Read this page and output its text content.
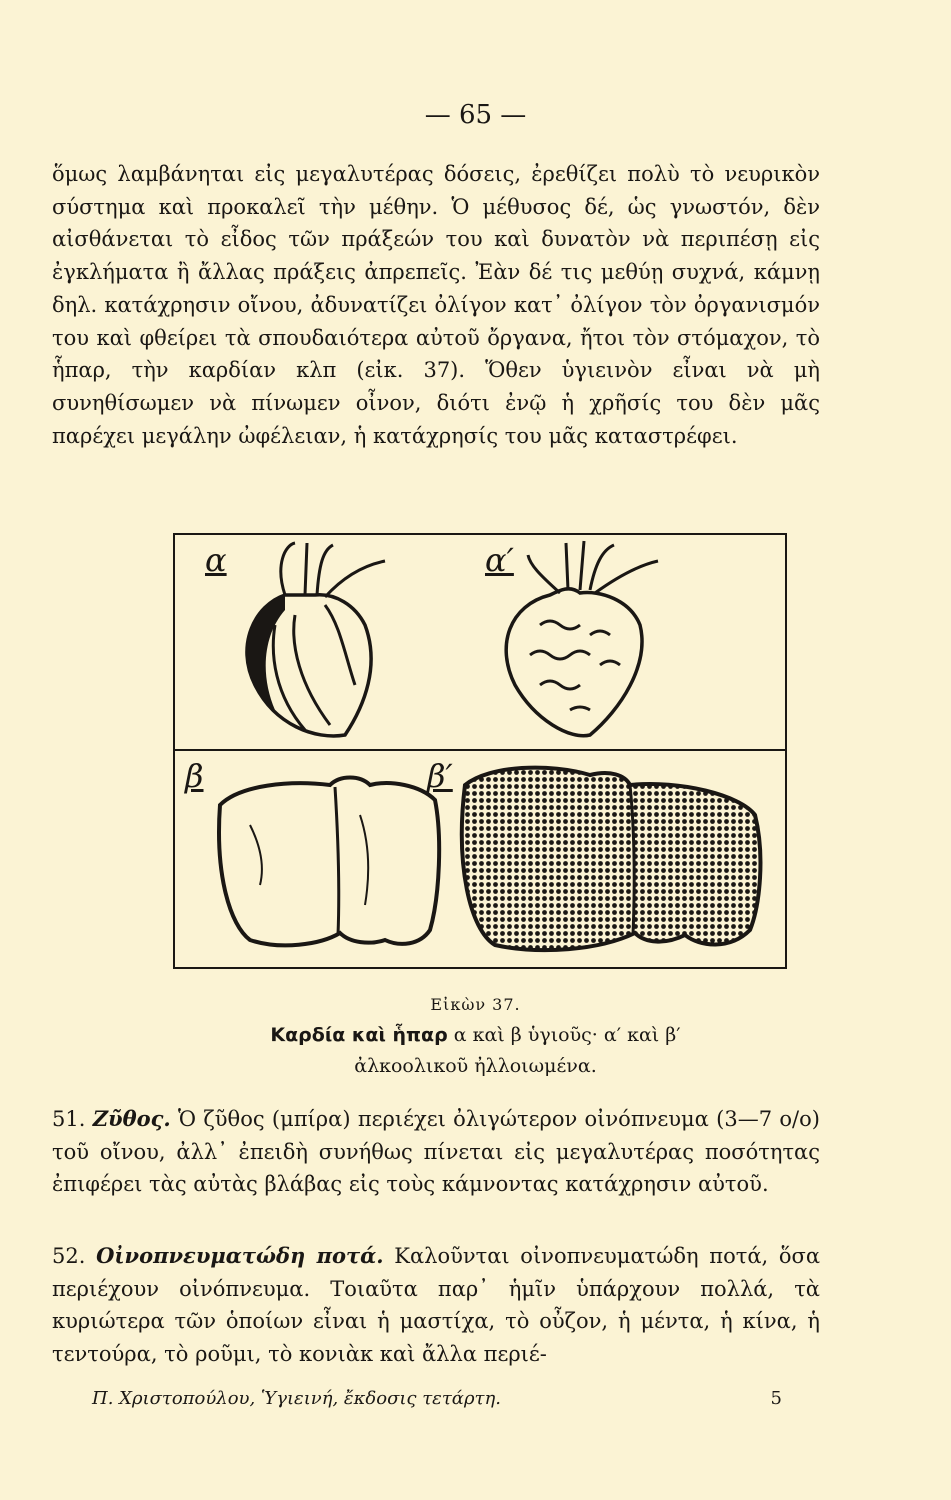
— 65 —

ὅμως λαμβάνηται εἰς μεγαλυτέρας δόσεις, ἐρεθίζει πολὺ τὸ νευρικὸν σύστημα καὶ προκαλεῖ τὴν μέθην. Ὁ μέθυσος δέ, ὡς γνωστόν, δὲν αἰσθάνεται τὸ εἶδος τῶν πράξεών του καὶ δυνατὸν νὰ περιπέσῃ εἰς ἐγκλήματα ἢ ἄλλας πράξεις ἀπρεπεῖς. Ἐὰν δέ τις μεθύῃ συχνά, κάμνῃ δηλ. κατάχρησιν οἴνου, ἀδυνατίζει ὀλίγον κατ᾽ ὀλίγον τὸν ὀργανισμόν του καὶ φθείρει τὰ σπουδαιότερα αὐτοῦ ὄργανα, ἤτοι τὸν στόμαχον, τὸ ἧπαρ, τὴν καρδίαν κλπ (εἰκ. 37). Ὅθεν ὑγιεινὸν εἶναι νὰ μὴ συνηθίσωμεν νὰ πίνωμεν οἶνον, διότι ἐνῷ ἡ χρῆσίς του δὲν μᾶς παρέχει μεγάλην ὠφέλειαν, ἡ κατάχρησίς του μᾶς καταστρέφει.

α	α′
β	β′
Εἰκὼν 37.
Καρδία καὶ ἧπαρ α καὶ β ὑγιοῦς· α′ καὶ β′
ἀλκοολικοῦ ἠλλοιωμένα.

51. Ζῦθος. Ὁ ζῦθος (μπίρα) περιέχει ὀλιγώτερον οἰνόπνευμα (3—7 ο/ο) τοῦ οἴνου, ἀλλ᾽ ἐπειδὴ συνήθως πίνεται εἰς μεγαλυτέρας ποσότητας ἐπιφέρει τὰς αὐτὰς βλάβας εἰς τοὺς κάμνοντας κατάχρησιν αὐτοῦ.

52. Οἰνοπνευματώδη ποτά. Καλοῦνται οἰνοπνευματώδη ποτά, ὅσα περιέχουν οἰνόπνευμα. Τοιαῦτα παρ᾽ ἡμῖν ὑπάρχουν πολλά, τὰ κυριώτερα τῶν ὁποίων εἶναι ἡ μαστίχα, τὸ οὖζον, ἡ μέντα, ἡ κίνα, ἡ τεντούρα, τὸ ροῦμι, τὸ κονιὰκ καὶ ἄλλα περιέ-

Π. Χριστοπούλου, Ὑγιεινή, ἔκδοσις τετάρτη.	5
